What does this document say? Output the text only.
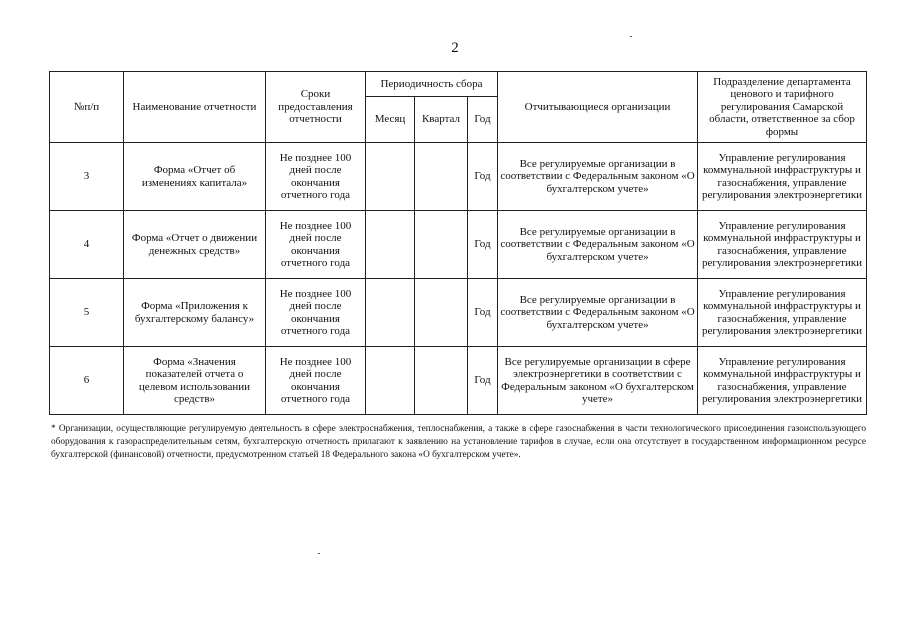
2
№п/п	Наименование отчетности	Сроки предоставления отчетности	Периодичность сбора			Отчитывающиеся организации	Подразделение департамента ценового и тарифного регулирования Самарской области, ответственное за сбор формы
			Месяц	Квартал	Год		
3	Форма «Отчет об изменениях капитала»	Не позднее 100 дней после окончания отчетного года			Год	Все регулируемые организации в соответствии с Федеральным законом «О бухгалтерском учете»	Управление регулирования коммунальной инфраструктуры и газоснабжения, управление регулирования электроэнергетики
4	Форма «Отчет о движении денежных средств»	Не позднее 100 дней после окончания отчетного года			Год	Все регулируемые организации в соответствии с Федеральным законом «О бухгалтерском учете»	Управление регулирования коммунальной инфраструктуры и газоснабжения, управление регулирования электроэнергетики
5	Форма «Приложения к бухгалтерскому балансу»	Не позднее 100 дней после окончания отчетного года			Год	Все регулируемые организации в соответствии с Федеральным законом «О бухгалтерском учете»	Управление регулирования коммунальной инфраструктуры и газоснабжения, управление регулирования электроэнергетики
6	Форма «Значения показателей отчета о целевом использовании средств»	Не позднее 100 дней после окончания отчетного года			Год	Все регулируемые организации в сфере электроэнергетики в соответствии с Федеральным законом «О бухгалтерском учете»	Управление регулирования коммунальной инфраструктуры и газоснабжения, управление регулирования электроэнергетики
* Организации, осуществляющие регулируемую деятельность в сфере электроснабжения, теплоснабжения, а также в сфере газоснабжения в части технологического присоединения газоиспользующего оборудования к газораспределительным сетям, бухгалтерскую отчетность прилагают к заявлению на установление тарифов в случае, если она отсутствует в государственном информационном ресурсе бухгалтерской (финансовой) отчетности, предусмотренном статьей 18 Федерального закона «О бухгалтерском учете».
